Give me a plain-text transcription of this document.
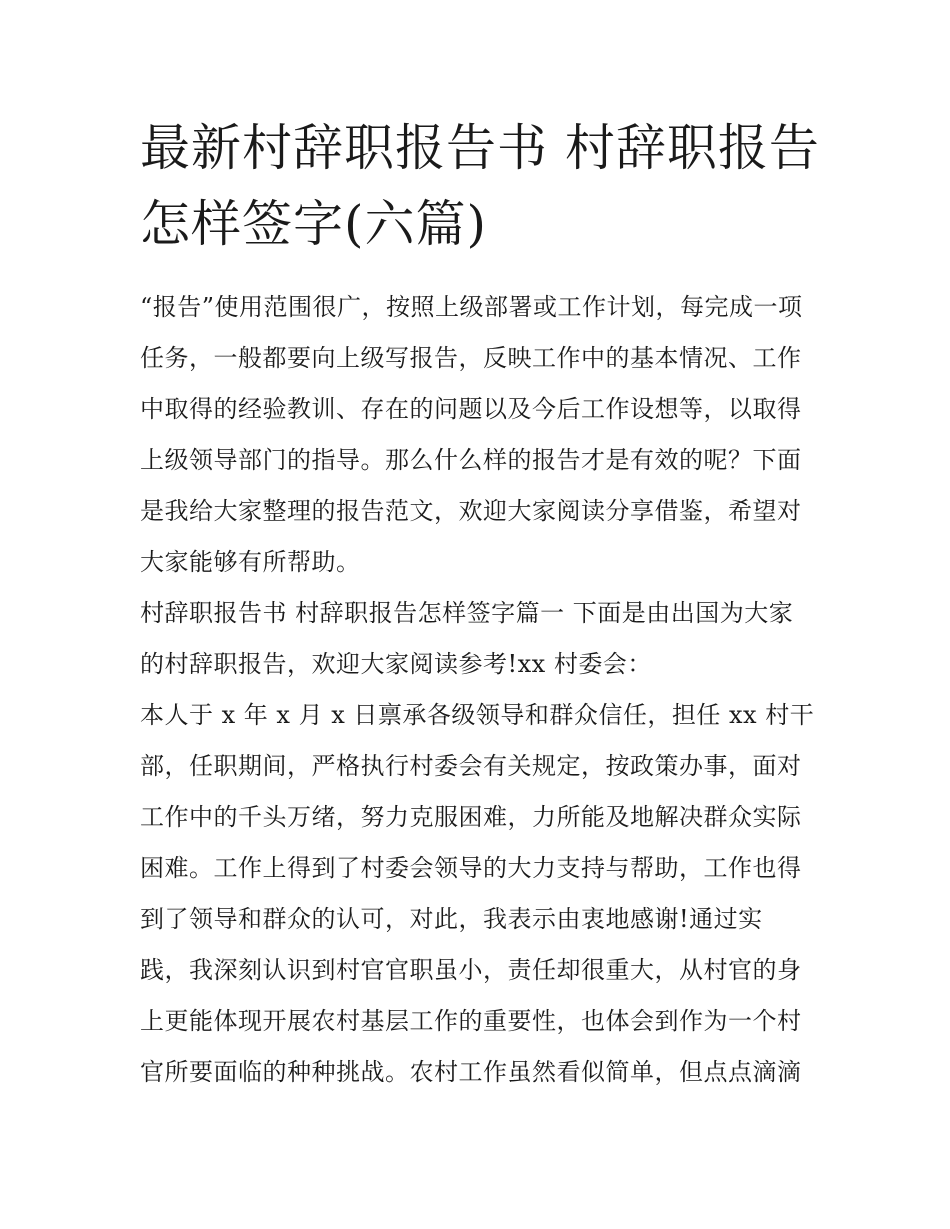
最新村辞职报告书 村辞职报告
怎样签字(六篇)
“报告”使用范围很广，按照上级部署或工作计划，每完成一项
任务，一般都要向上级写报告，反映工作中的基本情况、工作
中取得的经验教训、存在的问题以及今后工作设想等，以取得
上级领导部门的指导。那么什么样的报告才是有效的呢？下面
是我给大家整理的报告范文，欢迎大家阅读分享借鉴，希望对
大家能够有所帮助。
村辞职报告书 村辞职报告怎样签字篇一 下面是由出国为大家
的村辞职报告，欢迎大家阅读参考!xx 村委会：
本人于 x 年 x 月 x 日禀承各级领导和群众信任，担任 xx 村干
部，任职期间，严格执行村委会有关规定，按政策办事，面对
工作中的千头万绪，努力克服困难，力所能及地解决群众实际
困难。工作上得到了村委会领导的大力支持与帮助，工作也得
到了领导和群众的认可，对此，我表示由衷地感谢!通过实
践，我深刻认识到村官官职虽小，责任却很重大，从村官的身
上更能体现开展农村基层工作的重要性，也体会到作为一个村
官所要面临的种种挑战。农村工作虽然看似简单，但点点滴滴
